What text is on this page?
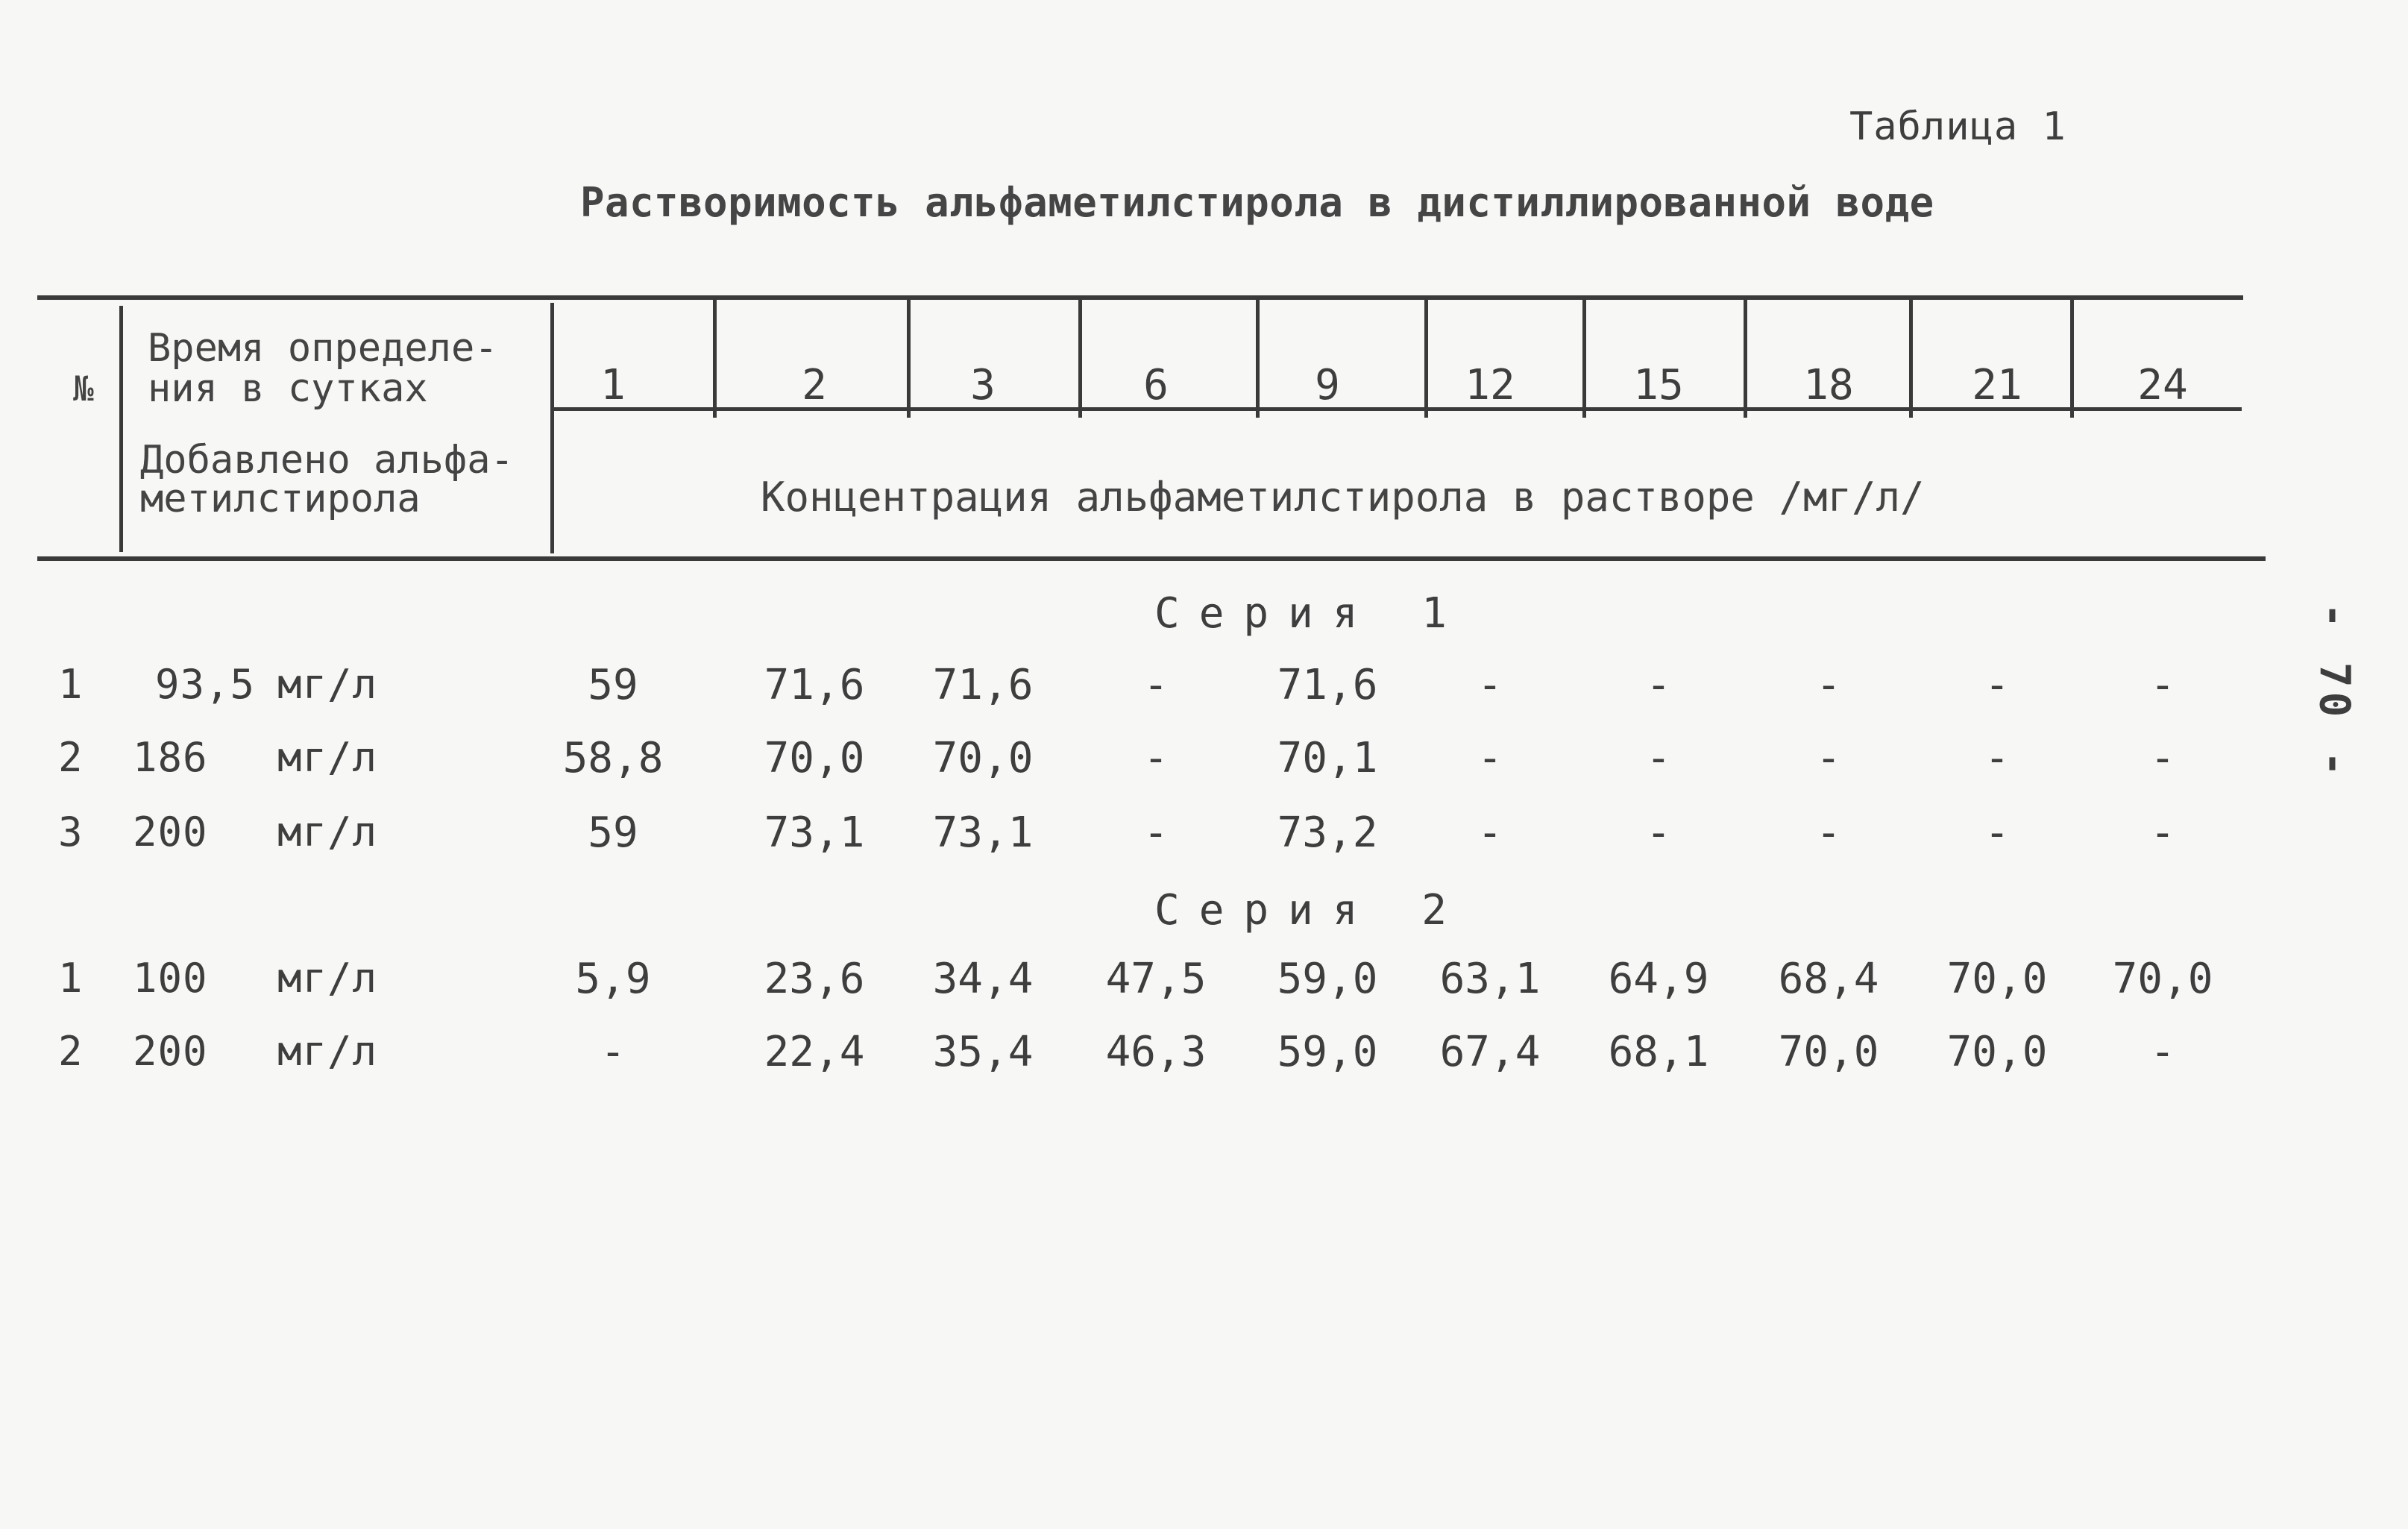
Таблица 1
Растворимость альфаметилстирола в дистиллированной воде
№
Время определе-
ния в сутках
Добавлено альфа-
метилстирола
1	2	3	6	9	12	15	18	21	24
Концентрация альфаметилстирола в растворе /мг/л/
Серия 1
1 93,5 мг/л	59	71,6	71,6	-	71,6	-	-	-	-	-
2 186 мг/л	58,8	70,0	70,0	-	70,1	-	-	-	-	-
3 200 мг/л	59	73,1	73,1	-	73,2	-	-	-	-	-
Серия 2
1 100 мг/л	5,9	23,6	34,4	47,5	59,0	63,1	64,9	68,4	70,0	70,0
2 200 мг/л	-	22,4	35,4	46,3	59,0	67,4	68,1	70,0	70,0	-
- 70 -
